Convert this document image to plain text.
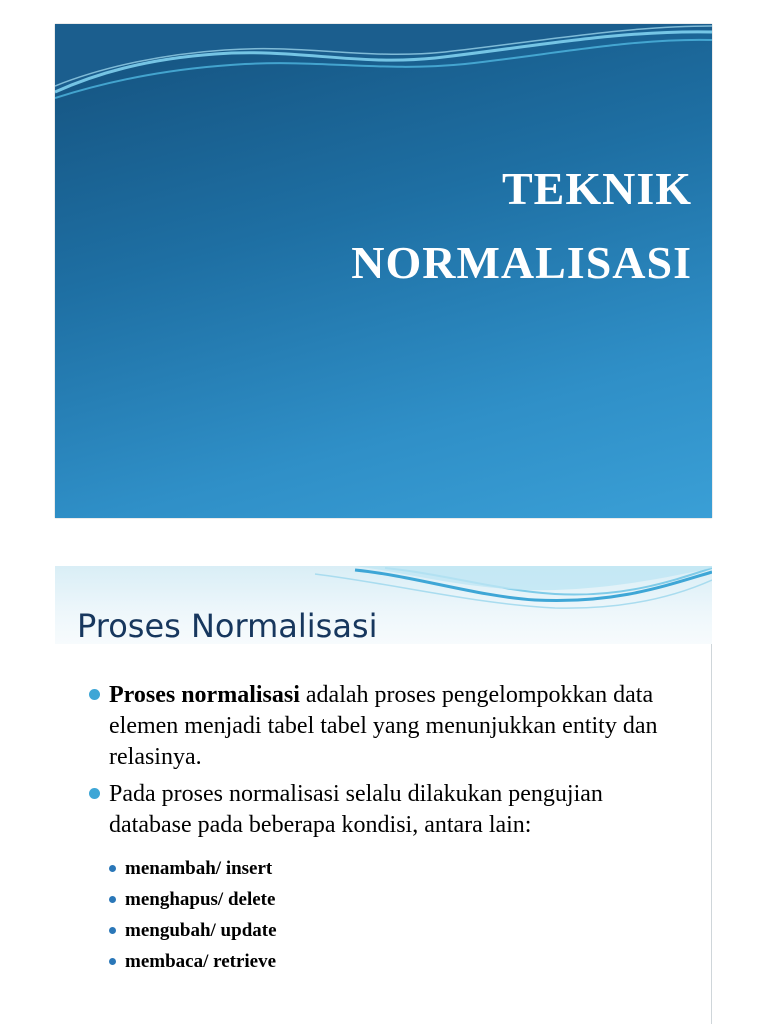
TEKNIK
NORMALISASI
Proses Normalisasi
Proses normalisasi adalah proses pengelompokkan data elemen menjadi tabel tabel yang menunjukkan entity dan relasinya.
Pada proses normalisasi selalu dilakukan pengujian database pada beberapa kondisi, antara lain:
menambah/ insert
menghapus/ delete
mengubah/ update
membaca/ retrieve
